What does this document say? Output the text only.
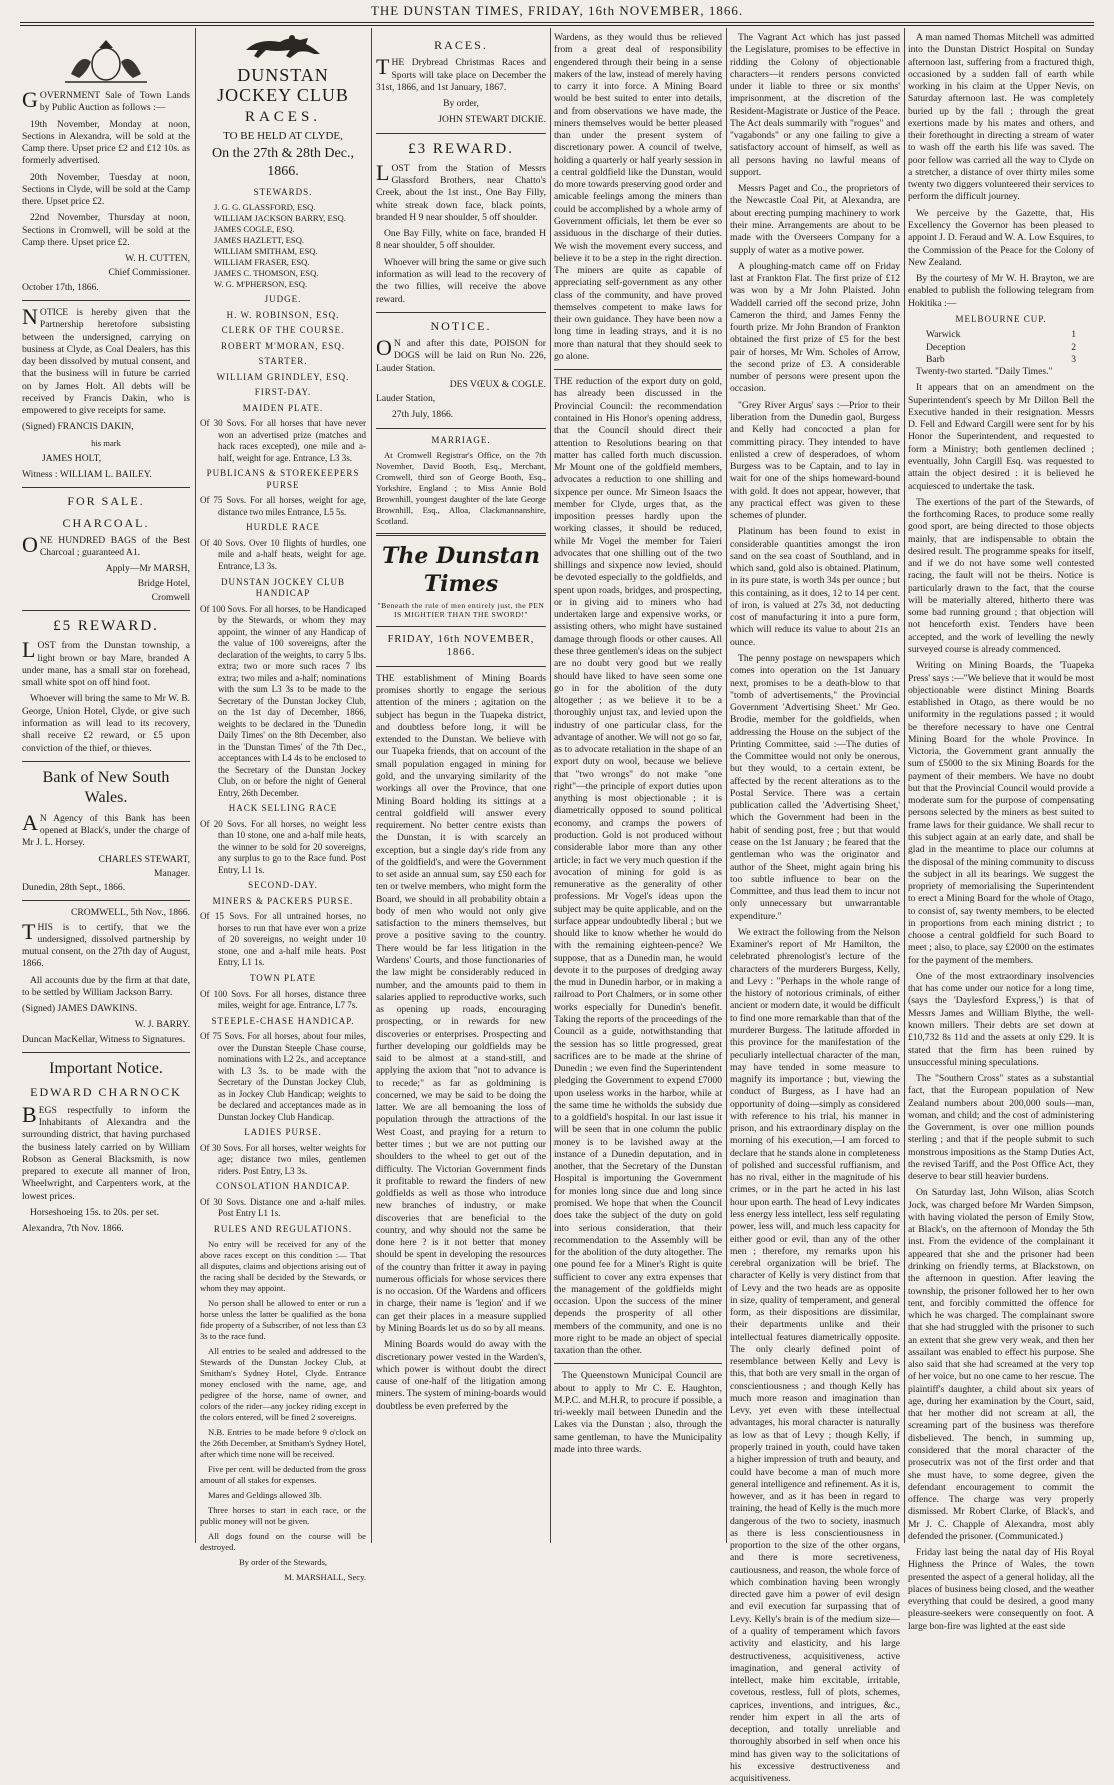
THE DUNSTAN TIMES, FRIDAY, 16th NOVEMBER, 1866.

GOVERNMENT Sale of Town Lands by Public Auction as follows :—

19th November, Monday at noon, Sections in Alexandra, will be sold at the Camp there. Upset price £2 and £12 10s. as formerly advertised.

20th November, Tuesday at noon, Sections in Clyde, will be sold at the Camp there. Upset price £2.

22nd November, Thursday at noon, Sections in Cromwell, will be sold at the Camp there. Upset price £2.

W. H. CUTTEN,

Chief Commissioner.

October 17th, 1866.

NOTICE is hereby given that the Partnership heretofore subsisting between the undersigned, carrying on business at Clyde, as Coal Dealers, has this day been dissolved by mutual consent, and that the business will in future be carried on by James Holt. All debts will be received by Francis Dakin, who is empowered to give receipts for same.

(Signed) FRANCIS DAKIN,

his mark

JAMES HOLT,

Witness : WILLIAM L. BAILEY.

FOR SALE.

CHARCOAL.

ONE HUNDRED BAGS of the Best Charcoal ; guaranteed A1.

Apply—Mr MARSH,

Bridge Hotel,

Cromwell

£5 REWARD.

LOST from the Dunstan township, a light brown or bay Mare, branded A under mane, has a small star on forehead, small white spot on off hind foot.

Whoever will bring the same to Mr W. B. George, Union Hotel, Clyde, or give such information as will lead to its recovery, shall receive £2 reward, or £5 upon conviction of the thief, or thieves.

Bank of New South Wales.

AN Agency of this Bank has been opened at Black's, under the charge of Mr J. L. Horsey.

CHARLES STEWART,

Manager.

Dunedin, 28th Sept., 1866.

CROMWELL, 5th Nov., 1866.

THIS is to certify, that we the undersigned, dissolved partnership by mutual consent, on the 27th day of August, 1866.

All accounts due by the firm at that date, to be settled by William Jackson Barry.

(Signed) JAMES DAWKINS.

W. J. BARRY.

Duncan MacKellar, Witness to Signatures.

Important Notice.

EDWARD CHARNOCK

BEGS respectfully to inform the Inhabitants of Alexandra and the surrounding district, that having purchased the business lately carried on by William Robson as General Blacksmith, is now prepared to execute all manner of Iron, Wheelwright, and Carpenters work, at the lowest prices.

Horseshoeing 15s. to 20s. per set.

Alexandra, 7th Nov. 1866.

DUNSTAN JOCKEY CLUB

RACES.

TO BE HELD AT CLYDE,

On the 27th & 28th Dec., 1866.

STEWARDS.

J. G. G. GLASSFORD, ESQ.

WILLIAM JACKSON BARRY, ESQ.

JAMES COGLE, ESQ.

JAMES HAZLETT, ESQ.

WILLIAM SMITHAM, ESQ.

WILLIAM FRASER, ESQ.

JAMES C. THOMSON, ESQ.

W. G. M'PHERSON, ESQ.

JUDGE.

H. W. ROBINSON, ESQ.

CLERK OF THE COURSE.

ROBERT M'MORAN, ESQ.

STARTER.

WILLIAM GRINDLEY, ESQ.

FIRST-DAY.

MAIDEN PLATE.

Of 30 Sovs. For all horses that have never won an advertised prize (matches and hack races excepted), one mile and a-half, weight for age. Entrance, L3 3s.

PUBLICANS & STOREKEEPERS PURSE

Of 75 Sovs. For all horses, weight for age, distance two miles Entrance, L5 5s.

HURDLE RACE

Of 40 Sovs. Over 10 flights of hurdles, one mile and a-half heats, weight for age. Entrance, L3 3s.

DUNSTAN JOCKEY CLUB HANDICAP

Of 100 Sovs. For all horses, to be Handicaped by the Stewards, or whom they may appoint, the winner of any Handicap of the value of 100 sovereigns, after the declaration of the weights, to carry 5 lbs. extra; two or more such races 7 lbs extra; two miles and a-half; nominations with the sum L3 3s to be made to the Secretary of the Dunstan Jockey Club, on the 1st day of December, 1866, weights to be declared in the 'Dunedin Daily Times' on the 8th December, also in the 'Dunstan Times' of the 7th Dec., acceptances with L4 4s to be enclosed to the Secretary of the Dunstan Jockey Club, on or before the night of General Entry, 26th December.

HACK SELLING RACE

Of 20 Sovs. For all horses, no weight less than 10 stone, one and a-half mile heats, the winner to be sold for 20 sovereigns, any surplus to go to the Race fund. Post Entry, L1 1s.

SECOND-DAY.

MINERS & PACKERS PURSE.

Of 15 Sovs. For all untrained horses, no horses to run that have ever won a prize of 20 sovereigns, no weight under 10 stone, one and a-half mile heats. Post Entry, L1 1s.

TOWN PLATE

Of 100 Sovs. For all horses, distance three miles, weight for age. Entrance, L7 7s.

STEEPLE-CHASE HANDICAP.

Of 75 Sovs. For all horses, about four miles, over the Dunstan Steeple Chase course, nominations with L2 2s., and acceptance with L3 3s. to be made with the Secretary of the Dunstan Jockey Club, as in Jockey Club Handicap; weights to be declared and acceptances made as in Dunstan Jockey Club Handicap.

LADIES PURSE.

Of 30 Sovs. For all horses, welter weights for age; distance two miles, gentlemen riders. Post Entry, L3 3s.

CONSOLATION HANDICAP.

Of 30 Sovs. Distance one and a-half miles. Post Entry L1 1s.

RULES AND REGULATIONS.

No entry will be received for any of the above races except on this condition :— That all disputes, claims and objections arising out of the racing shall be decided by the Stewards, or whom they may appoint.

No person shall be allowed to enter or run a horse unless the latter be qualified as the bona fide property of a Subscriber, of not less than £3 3s to the race fund.

All entries to be sealed and addressed to the Stewards of the Dunstan Jockey Club, at Smitham's Sydney Hotel, Clyde. Entrance money enclosed with the name, age, and pedigree of the horse, name of owner, and colors of the rider—any jockey riding except in the colors entered, will be fined 2 sovereigns.

N.B. Entries to be made before 9 o'clock on the 26th December, at Smitham's Sydney Hotel, after which time none will be received.

Five per cent. will be deducted from the gross amount of all stakes for expenses.

Mares and Geldings allowed 3lb.

Three horses to start in each race, or the public money will not be given.

All dogs found on the course will be destroyed.

By order of the Stewards,

M. MARSHALL, Secy.

RACES.

THE Drybread Christmas Races and Sports will take place on December the 31st, 1866, and 1st January, 1867.

By order,

JOHN STEWART DICKIE.

£3 REWARD.

LOST from the Station of Messrs Glassford Brothers, near Chatto's Creek, about the 1st inst., One Bay Filly, white streak down face, black points, branded H 9 near shoulder, 5 off shoulder.

One Bay Filly, white on face, branded H 8 near shoulder, 5 off shoulder.

Whoever will bring the same or give such information as will lead to the recovery of the two fillies, will receive the above reward.

NOTICE.

ON and after this date, POISON for DOGS will be laid on Run No. 226, Lauder Station.

DES VŒUX & COGLE.

Lauder Station,

27th July, 1866.

MARRIAGE.

At Cromwell Registrar's Office, on the 7th November, David Booth, Esq., Merchant, Cromwell, third son of George Booth, Esq., Yorkshire, England ; to Miss Annie Bold Brownhill, youngest daughter of the late George Brownhill, Esq., Alloa, Clackmannanshire, Scotland.

The Dunstan Times

"Beneath the rule of men entirely just, the PEN IS MIGHTIER THAN THE SWORD!"

FRIDAY, 16th NOVEMBER, 1866.

THE establishment of Mining Boards promises shortly to engage the serious attention of the miners ; agitation on the subject has begun in the Tuapeka district, and doubtless before long, it will be extended to the Dunstan. We believe with our Tuapeka friends, that on account of the small population engaged in mining for gold, and the unvarying similarity of the workings all over the Province, that one Mining Board holding its sittings at a central goldfield will answer every requirement. No better centre exists than the Dunstan, it is with scarcely an exception, but a single day's ride from any of the goldfield's, and were the Government to set aside an annual sum, say £50 each for ten or twelve members, who might form the Board, we should in all probability obtain a body of men who would not only give satisfaction to the miners themselves, but prove a positive saving to the country. There would be far less litigation in the Wardens' Courts, and those functionaries of the law might be considerably reduced in number, and the amounts paid to them in salaries applied to reproductive works, such as opening up roads, encouraging prospecting, or in rewards for new discoveries or enterprises. Prospecting and further developing our goldfields may be said to be almost at a stand-still, and applying the axiom that "not to advance is to recede;" as far as goldmining is concerned, we may be said to be doing the latter. We are all bemoaning the loss of population through the attractions of the West Coast, and praying for a return to better times ; but we are not putting our shoulders to the wheel to get out of the difficulty. The Victorian Government finds it profitable to reward the finders of new goldfields as well as those who introduce new branches of industry, or make discoveries that are beneficial to the country, and why should not the same be done here ? is it not better that money should be spent in developing the resources of the country than fritter it away in paying numerous officials for whose services there is no occasion. Of the Wardens and officers in charge, their name is 'legion' and if we can get their places in a measure supplied by Mining Boards let us do so by all means.

Mining Boards would do away with the discretionary power vested in the Warden's, which power is without doubt the direct cause of one-half of the litigation among miners. The system of mining-boards would doubtless be even preferred by the

Wardens, as they would thus be relieved from a great deal of responsibility engendered through their being in a sense makers of the law, instead of merely having to carry it into force. A Mining Board would be best suited to enter into details, and from observations we have made, the miners themselves would be better pleased than under the present system of discretionary power. A council of twelve, holding a quarterly or half yearly session in a central goldfield like the Dunstan, would do more towards preserving good order and amicable feelings among the miners than could be accomplished by a whole army of Government officials, let them be ever so assiduous in the discharge of their duties. We wish the movement every success, and believe it to be a step in the right direction. The miners are quite as capable of appreciating self-government as any other class of the community, and have proved themselves competent to make laws for their own guidance. They have been now a long time in leading strays, and it is no more than natural that they should seek to go alone.

THE reduction of the export duty on gold, has already been discussed in the Provincial Council: the recommendation contained in His Honor's opening address, that the Council should direct their attention to Resolutions bearing on that matter has called forth much discussion. Mr Mount one of the goldfield members, advocates a reduction to one shilling and sixpence per ounce. Mr Simeon Isaacs the member for Clyde, urges that, as the imposition presses hardly upon the working classes, it should be reduced, while Mr Vogel the member for Taieri advocates that one shilling out of the two shillings and sixpence now levied, should be devoted especially to the goldfields, and spent upon roads, bridges, and prospecting, or in giving aid to miners who had undertaken large and expensive works, or assisting others, who might have sustained damage through floods or other causes. All these three gentlemen's ideas on the subject are no doubt very good but we really should have liked to have seen some one go in for the abolition of the duty altogether ; as we believe it to be a thoroughly unjust tax, and levied upon the industry of one particular class, for the advantage of another. We will not go so far, as to advocate retaliation in the shape of an export duty on wool, because we believe that "two wrongs" do not make "one right"—the principle of export duties upon anything is most objectionable ; it is diametrically opposed to sound political economy, and cramps the powers of production. Gold is not produced without considerable labor more than any other article; in fact we very much question if the avocation of mining for gold is as remunerative as the generality of other professions. Mr Vogel's ideas upon the subject may be quite applicable, and on the surface appear undoubtedly liberal ; but we should like to know whether he would do with the remaining eighteen-pence? We suppose, that as a Dunedin man, he would devote it to the purposes of dredging away the mud in Dunedin harbor, or in making a railroad to Port Chalmers, or in some other works especially for Dunedin's benefit. Taking the reports of the proceedings of the Council as a guide, notwithstanding that the session has so little progressed, great sacrifices are to be made at the shrine of Dunedin ; we even find the Superintendent pledging the Government to expend £7000 upon useless works in the harbor, while at the same time he witholds the subsidy due to a goldfield's hospital. In our last issue it will be seen that in one column the public money is to be lavished away at the instance of a Dunedin deputation, and in another, that the Secretary of the Dunstan Hospital is importuning the Government for monies long since due and long since promised. We hope that when the Council does take the subject of the duty on gold into serious consideration, that their recommendation to the Assembly will be for the abolition of the duty altogether. The one pound fee for a Miner's Right is quite sufficient to cover any extra expenses that the management of the goldfields might occasion. Upon the success of the miner depends the prosperity of all other members of the community, and one is no more right to be made an object of special taxation than the other.

The Queenstown Municipal Council are about to apply to Mr C. E. Haughton, M.P.C. and M.H.R, to procure if possible, a tri-weekly mail between Dunedin and the Lakes via the Dunstan ; also, through the same gentleman, to have the Municipality made into three wards.

The Vagrant Act which has just passed the Legislature, promises to be effective in ridding the Colony of objectionable characters—it renders persons convicted under it liable to three or six months' imprisonment, at the discretion of the Resident-Magistrate or Justice of the Peace. The Act deals summarily with "rogues" and "vagabonds" or any one failing to give a satisfactory account of himself, as well as all persons having no lawful means of support.

Messrs Paget and Co., the proprietors of the Newcastle Coal Pit, at Alexandra, are about erecting pumping machinery to work their mine. Arrangements are about to be made with the Overseers Company for a supply of water as a motive power.

A ploughing-match came off on Friday last at Frankton Flat. The first prize of £12 was won by a Mr John Plaisted. John Waddell carried off the second prize, John Cameron the third, and James Fenny the fourth prize. Mr John Brandon of Frankton obtained the first prize of £5 for the best pair of horses, Mr Wm. Scholes of Arrow, the second prize of £3. A considerable number of persons were present upon the occasion.

"Grey River Argus' says :—Prior to their liberation from the Dunedin gaol, Burgess and Kelly had concocted a plan for committing piracy. They intended to have enlisted a crew of desperadoes, of whom Burgess was to be Captain, and to lay in wait for one of the ships homeward-bound with gold. It does not appear, however, that any practical effect was given to these schemes of plunder.

Platinum has been found to exist in considerable quantities amongst the iron sand on the sea coast of Southland, and in which sand, gold also is obtained. Platinum, in its pure state, is worth 34s per ounce ; but this containing, as it does, 12 to 14 per cent. of iron, is valued at 27s 3d, not deducting cost of manufacturing it into a pure form, which will reduce its value to about 21s an ounce.

The penny postage on newspapers which comes into operation on the 1st January next, promises to be a death-blow to that "tomb of advertisements," the Provincial Government 'Advertising Sheet.' Mr Geo. Brodie, member for the goldfields, when addressing the House on the subject of the Printing Committee, said :—The duties of the Committee would not only be onerous, but they would, to a certain extent, be affected by the recent alterations as to the Postal Service. There was a certain publication called the 'Advertising Sheet,' which the Government had been in the habit of sending post, free ; but that would cease on the 1st January ; he feared that the gentleman who was the originator and author of the Sheet, might again bring his too subtle influence to bear on the Committee, and thus lead them to incur not only unnecessary but unwarrantable expenditure."

We extract the following from the Nelson Examiner's report of Mr Hamilton, the celebrated phrenologist's lecture of the characters of the murderers Burgess, Kelly, and Levy : "Perhaps in the whole range of the history of notorious criminals, of either ancient or modern date, it would be difficult to find one more remarkable than that of the murderer Burgess. The latitude afforded in this province for the manifestation of the peculiarly intellectual character of the man, may have tended in some measure to magnify its importance ; but, viewing the conduct of Burgess, as I have had an opportunity of doing—simply as considered with reference to his trial, his manner in prison, and his extraordinary display on the morning of his execution,—I am forced to declare that he stands alone in completeness of polished and successful ruffianism, and has no rival, either in the magnitude of his crimes, or in the part he acted in his last hour upon earth. The head of Levy indicates less energy less intellect, less self regulating power, less will, and much less capacity for either good or evil, than any of the other men ; therefore, my remarks upon his cerebral organization will be brief. The character of Kelly is very distinct from that of Levy and the two heads are as opposite in size, quality of temperament, and general form, as their dispositions are dissimilar, their departments unlike and their intellectual features diametrically opposite. The only clearly defined point of resemblance between Kelly and Levy is this, that both are very small in the organ of conscientiousness ; and though Kelly has much more reason and imagination than Levy, yet even with these intellectual advantages, his moral character is naturally as low as that of Levy ; though Kelly, if properly trained in youth, could have taken a higher impression of truth and beauty, and could have become a man of much more general intelligence and refinement. As it is, however, and as it has been in regard to training, the head of Kelly is the much more dangerous of the two to society, inasmuch as there is less conscientiousness in proportion to the size of the other organs, and there is more secretiveness, cautiousness, and reason, the whole force of which combination having been wrongly directed gave him a power of evil design and evil execution far surpassing that of Levy. Kelly's brain is of the medium size—of a quality of temperament which favors activity and elasticity, and his large destructiveness, acquisitiveness, active imagination, and general activity of intellect, make him excitable, irritable, covetous, restless, full of plots, schemes, caprices, inventions, and intrigues, &c., render him expert in all the arts of deception, and totally unreliable and thoroughly absorbed in self when once his mind has given way to the solicitations of his excessive destructiveness and acquisitiveness.

A man named Thomas Mitchell was admitted into the Dunstan District Hospital on Sunday afternoon last, suffering from a fractured thigh, occasioned by a sudden fall of earth while working in his claim at the Upper Nevis, on Saturday afternoon last. He was completely buried up by the fall ; through the great exertions made by his mates and others, and their forethought in directing a stream of water to wash off the earth his life was saved. The poor fellow was carried all the way to Clyde on a stretcher, a distance of over thirty miles some twenty two diggers volunteered their services to perform the difficult journey.

We perceive by the Gazette, that, His Excellency the Governor has been pleased to appoint J. D. Feraud and W. A. Low Esquires, to the Commission of the Peace for the Colony of New Zealand.

By the courtesy of Mr W. H. Brayton, we are enabled to publish the following telegram from Hokitika :—

MELBOURNE CUP.

Warwick	1
Deception	2
Barb	3

Twenty-two started. "Daily Times."

It appears that on an amendment on the Superintendent's speech by Mr Dillon Bell the Executive handed in their resignation. Messrs D. Fell and Edward Cargill were sent for by his Honor the Superintendent, and requested to form a Ministry; both gentlemen declined ; eventually, John Cargill Esq. was requested to attain the object desired : it is believed he acquiesced to undertake the task.

The exertions of the part of the Stewards, of the forthcoming Races, to produce some really good sport, are being directed to those objects mainly, that are indispensable to obtain the desired result. The programme speaks for itself, and if we do not have some well contested racing, the fault will not be theirs. Notice is particularly drawn to the fact, that the course will be materially altered, hitherto there was some bad running ground ; that objection will not henceforth exist. Tenders have been accepted, and the work of levelling the newly surveyed course is already commenced.

Writing on Mining Boards, the 'Tuapeka Press' says :—"We believe that it would be most objectionable were distinct Mining Boards established in Otago, as there would be no uniformity in the regulations passed ; it would be therefore necessary to have one Central Mining Board for the whole Province. In Victoria, the Government grant annually the sum of £5000 to the six Mining Boards for the payment of their members. We have no doubt but that the Provincial Council would provide a moderate sum for the purpose of compensating persons selected by the miners as best suited to frame laws for their guidance. We shall recur to this subject again at an early date, and shall be glad in the meantime to place our columns at the disposal of the mining community to discuss the subject in all its bearings. We suggest the propriety of memorialising the Superintendent to erect a Mining Board for the whole of Otago, to consist of, say twenty members, to be elected in proportions from each mining district ; to choose a central goldfield for such Board to meet ; also, to place, say £2000 on the estimates for the payment of the members.

One of the most extraordinary insolvencies that has come under our notice for a long time, (says the 'Daylesford Express,') is that of Messrs James and William Blythe, the well-known millers. Their debts are set down at £10,732 8s 11d and the assets at only £29. It is stated that the firm has been ruined by unsuccessful mining speculations.

The "Southern Cross" states as a substantial fact, that the European population of New Zealand numbers about 200,000 souls—man, woman, and child; and the cost of administering the Government, is over one million pounds sterling ; and that if the people submit to such monstrous impositions as the Stamp Duties Act, the revised Tariff, and the Post Office Act, they deserve to bear still heavier burdens.

On Saturday last, John Wilson, alias Scotch Jock, was charged before Mr Warden Simpson, with having violated the person of Emily Stow, at Black's, on the afternoon of Monday the 5th inst. From the evidence of the complainant it appeared that she and the prisoner had been drinking on friendly terms, at Blackstown, on the afternoon in question. After leaving the township, the prisoner followed her to her own tent, and forcibly committed the offence for which he was charged. The complainant swore that she had struggled with the prisoner to such an extent that she grew very weak, and then her assailant was enabled to effect his purpose. She also said that she had screamed at the very top of her voice, but no one came to her rescue. The plaintiff's daughter, a child about six years of age, during her examination by the Court, said, that her mother did not scream at all, the screaming part of the business was therefore disbelieved. The bench, in summing up, considered that the moral character of the prosecutrix was not of the first order and that she must have, to some degree, given the defendant encouragement to commit the offence. The charge was very properly dismissed. Mr Robert Clarke, of Black's, and Mr J. C. Chapple of Alexandra, most ably defended the prisoner. (Communicated.)

Friday last being the natal day of His Royal Highness the Prince of Wales, the town presented the aspect of a general holiday, all the places of business being closed, and the weather everything that could be desired, a good many pleasure-seekers were consequently on foot. A large bon-fire was lighted at the east side
